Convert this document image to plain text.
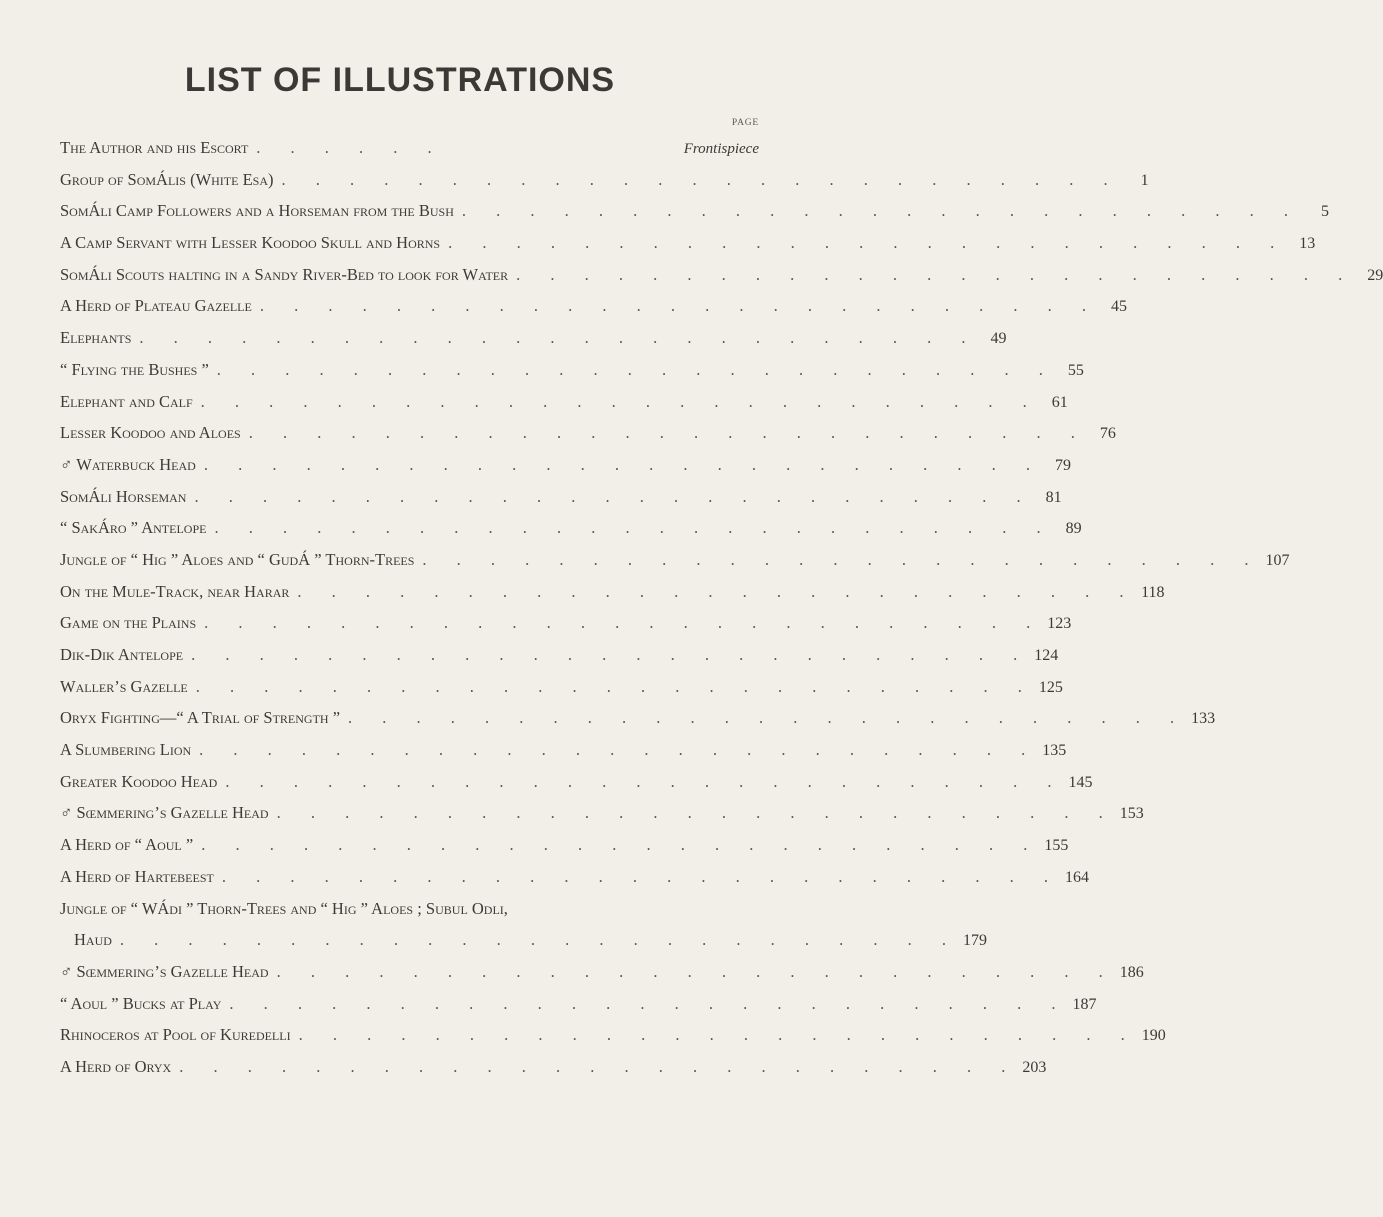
LIST OF ILLUSTRATIONS
PAGE
The Author and his Escort . . . . . .	Frontispiece
Group of SomÁlis (White Esa) . . . . . . . . . . . . . . . . . . . . . . . . .	1
SomÁli Camp Followers and a Horseman from the Bush . . . . . . . . . . . . . . . . . . . . . . . . .	5
A Camp Servant with Lesser Koodoo Skull and Horns . . . . . . . . . . . . . . . . . . . . . . . . . 13
SomÁli Scouts halting in a Sandy River-Bed to look for Water . . . . . . . . . . . . . . . . . . . . . . . . . 29
A Herd of Plateau Gazelle . . . . . . . . . . . . . . . . . . . . . . . . . 45
Elephants . . . . . . . . . . . . . . . . . . . . . . . . . 49
“ Flying the Bushes ” . . . . . . . . . . . . . . . . . . . . . . . . . 55
Elephant and Calf . . . . . . . . . . . . . . . . . . . . . . . . . 61
Lesser Koodoo and Aloes . . . . . . . . . . . . . . . . . . . . . . . . . 76
♂ Waterbuck Head . . . . . . . . . . . . . . . . . . . . . . . . . 79
SomÁli Horseman . . . . . . . . . . . . . . . . . . . . . . . . . 81
“ SakÁro ” Antelope . . . . . . . . . . . . . . . . . . . . . . . . . 89
Jungle of “ Hig ” Aloes and “ GudÁ ” Thorn-Trees . . . . . . . . . . . . . . . . . . . . . . . . . 107
On the Mule-Track, near Harar . . . . . . . . . . . . . . . . . . . . . . . . . 118
Game on the Plains . . . . . . . . . . . . . . . . . . . . . . . . . 123
Dik-Dik Antelope . . . . . . . . . . . . . . . . . . . . . . . . . 124
Waller’s Gazelle . . . . . . . . . . . . . . . . . . . . . . . . . 125
Oryx Fighting—“ A Trial of Strength ” . . . . . . . . . . . . . . . . . . . . . . . . . 133
A Slumbering Lion . . . . . . . . . . . . . . . . . . . . . . . . . 135
Greater Koodoo Head . . . . . . . . . . . . . . . . . . . . . . . . . 145
♂ Sœmmering’s Gazelle Head . . . . . . . . . . . . . . . . . . . . . . . . . 153
A Herd of “ Aoul ” . . . . . . . . . . . . . . . . . . . . . . . . . 155
A Herd of Hartebeest . . . . . . . . . . . . . . . . . . . . . . . . . 164
Jungle of “ WÁdi ” Thorn-Trees and “ Hig ” Aloes ; Subul Odli,
Haud . . . . . . . . . . . . . . . . . . . . . . . . . 179
♂ Sœmmering’s Gazelle Head . . . . . . . . . . . . . . . . . . . . . . . . . 186
“ Aoul ” Bucks at Play . . . . . . . . . . . . . . . . . . . . . . . . . 187
Rhinoceros at Pool of Kuredelli . . . . . . . . . . . . . . . . . . . . . . . . . 190
A Herd of Oryx . . . . . . . . . . . . . . . . . . . . . . . . . 203
